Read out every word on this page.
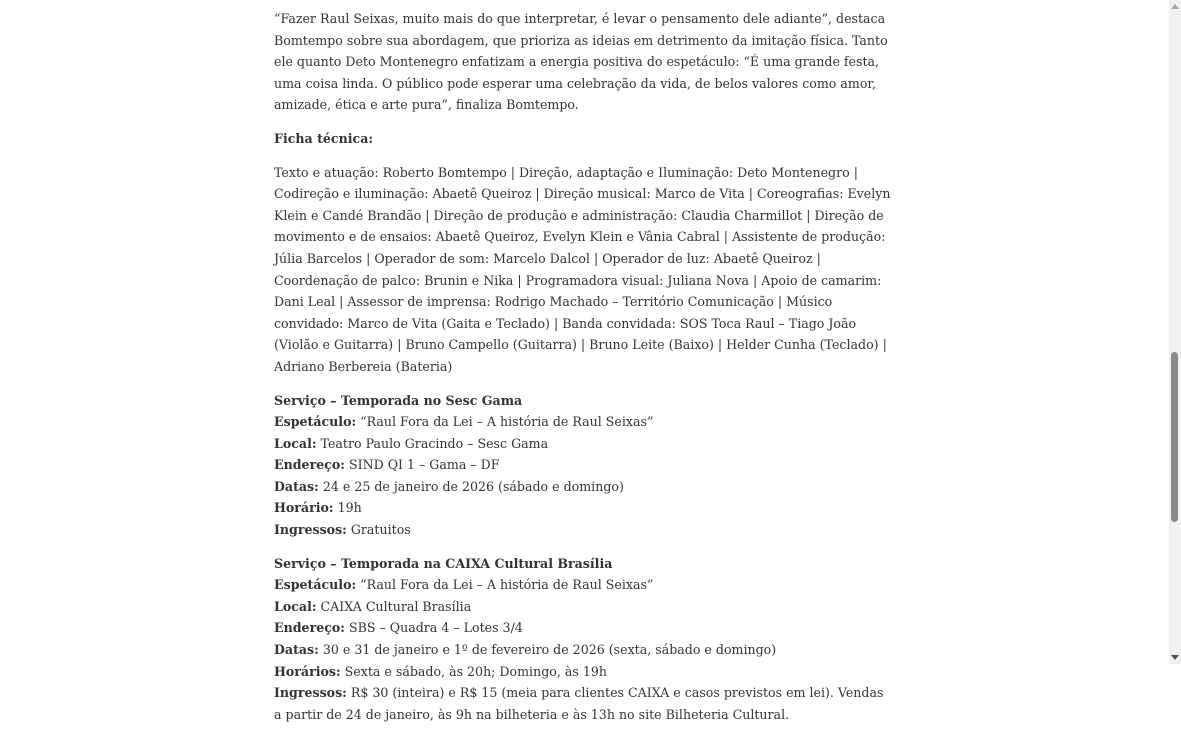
“Fazer Raul Seixas, muito mais do que interpretar, é levar o pensamento dele adiante”, destaca Bomtempo sobre sua abordagem, que prioriza as ideias em detrimento da imitação física. Tanto ele quanto Deto Montenegro enfatizam a energia positiva do espetáculo: “É uma grande festa, uma coisa linda. O público pode esperar uma celebração da vida, de belos valores como amor, amizade, ética e arte pura”, finaliza Bomtempo.

Ficha técnica:

Texto e atuação: Roberto Bomtempo | Direção, adaptação e Iluminação: Deto Montenegro | Codireção e iluminação: Abaetê Queiroz | Direção musical: Marco de Vita | Coreografias: Evelyn Klein e Candé Brandão | Direção de produção e administração: Claudia Charmillot | Direção de movimento e de ensaios: Abaetê Queiroz, Evelyn Klein e Vânia Cabral | Assistente de produção: Júlia Barcelos | Operador de som: Marcelo Dalcol | Operador de luz: Abaetê Queiroz | Coordenação de palco: Brunin e Nika | Programadora visual: Juliana Nova | Apoio de camarim: Dani Leal | Assessor de imprensa: Rodrigo Machado – Território Comunicação | Músico convidado: Marco de Vita (Gaita e Teclado) | Banda convidada: SOS Toca Raul – Tiago João (Violão e Guitarra) | Bruno Campello (Guitarra) | Bruno Leite (Baixo) | Helder Cunha (Teclado) | Adriano Berbereia (Bateria)

Serviço – Temporada no Sesc Gama
Espetáculo: “Raul Fora da Lei – A história de Raul Seixas”
Local: Teatro Paulo Gracindo – Sesc Gama
Endereço: SIND QI 1 – Gama – DF
Datas: 24 e 25 de janeiro de 2026 (sábado e domingo)
Horário: 19h
Ingressos: Gratuitos
Serviço – Temporada na CAIXA Cultural Brasília
Espetáculo: “Raul Fora da Lei – A história de Raul Seixas”
Local: CAIXA Cultural Brasília
Endereço: SBS – Quadra 4 – Lotes 3/4
Datas: 30 e 31 de janeiro e 1º de fevereiro de 2026 (sexta, sábado e domingo)
Horários: Sexta e sábado, às 20h; Domingo, às 19h
Ingressos: R$ 30 (inteira) e R$ 15 (meia para clientes CAIXA e casos previstos em lei). Vendas a partir de 24 de janeiro, às 9h na bilheteria e às 13h no site Bilheteria Cultural.
